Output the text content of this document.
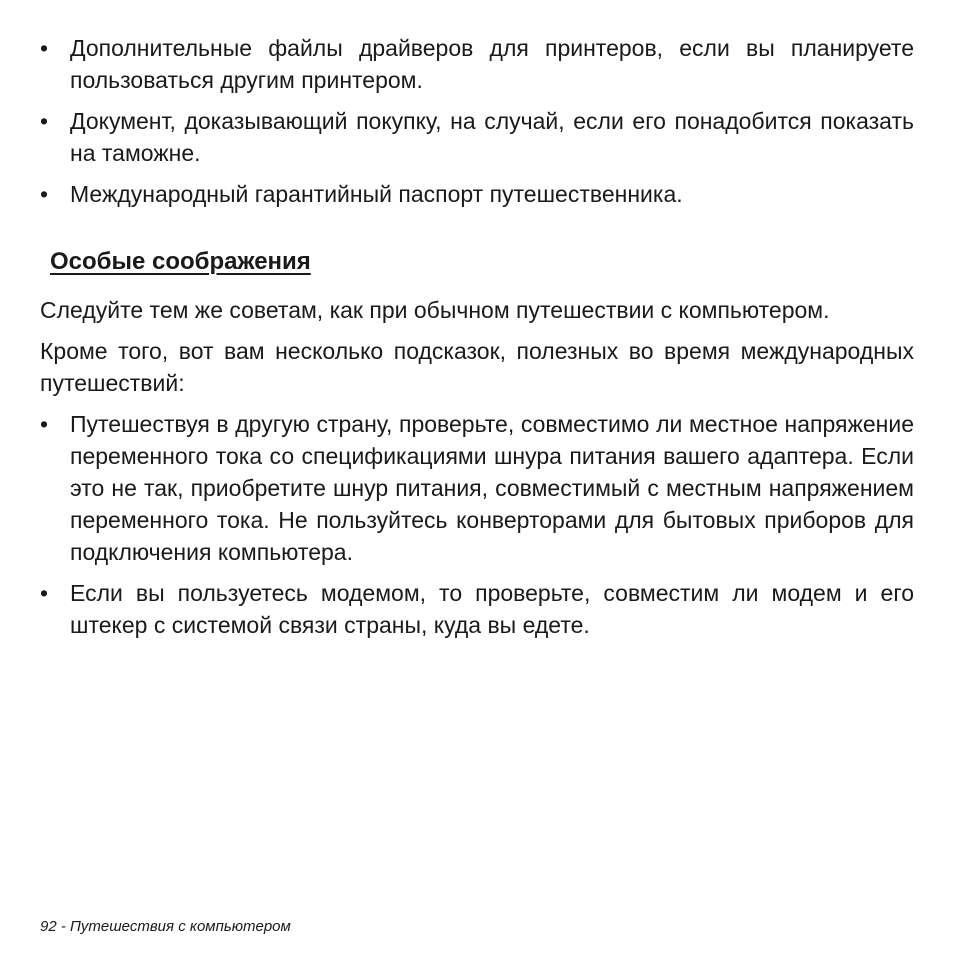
• Дополнительные файлы драйверов для принтеров, если вы планируете пользоваться другим принтером.
• Документ, доказывающий покупку, на случай, если его понадобится показать на таможне.
• Международный гарантийный паспорт путешественника.
Особые соображения

Следуйте тем же советам, как при обычном путешествии с компьютером.

Кроме того, вот вам несколько подсказок, полезных во время международных путешествий:

• Путешествуя в другую страну, проверьте, совместимо ли местное напряжение переменного тока со спецификациями шнура питания вашего адаптера. Если это не так, приобретите шнур питания, совместимый с местным напряжением переменного тока. Не пользуйтесь конверторами для бытовых приборов для подключения компьютера.
• Если вы пользуетесь модемом, то проверьте, совместим ли модем и его штекер с системой связи страны, куда вы едете.
92 - Путешествия с компьютером
